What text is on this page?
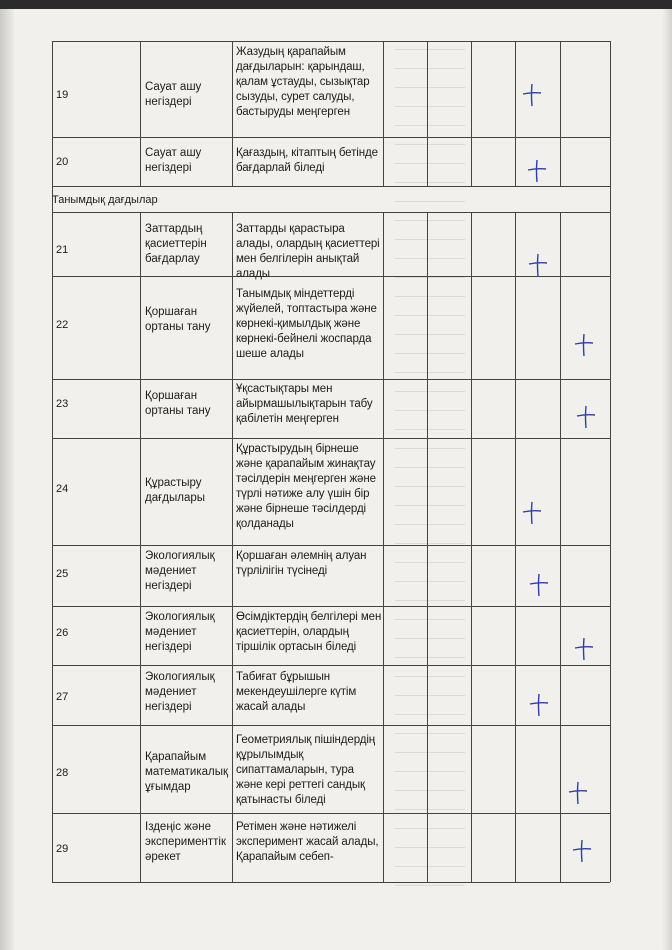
Танымдық дағдылар
19
Сауат ашу негіздері
Жазудың қарапайым дағдыларын: қарындаш, қалам ұстауды, сызықтар сызуды, сурет салуды, бастыруды меңгерген
20
Сауат ашу негіздері
Қағаздың, кітаптың бетінде бағдарлай біледі
21
Заттардың қасиеттерін бағдарлау
Заттарды қарастыра алады, олардың қасиеттері мен белгілерін анықтай алады
22
Қоршаған ортаны тану
Танымдық міндеттерді жүйелей, топтастыра және көрнекі-қимылдық және көрнекі-бейнелі жоспарда шеше алады
23
Қоршаған ортаны тану
Ұқсастықтары мен айырмашылықтарын табу қабілетін меңгерген
24	Құрастыру дағдылары
Құрастырудың бірнеше және қарапайым жинақтау тәсілдерін меңгерген және түрлі нәтиже алу үшін бір және бірнеше тәсілдерді қолданады
25
Экологиялық мәдениет негіздері
Қоршаған әлемнің алуан түрлілігін түсінеді
26
Экологиялық мәдениет негіздері
Өсімдіктердің белгілері мен қасиеттерін, олардың тіршілік ортасын біледі
27
Экологиялық мәдениет негіздері
Табиғат бұрышын мекендеушілерге күтім жасай алады
28
Қарапайым математикалық ұғымдар
Геометриялық пішіндердің құрылымдық сипаттамаларын, тура және кері реттегі сандық қатынасты біледі
29
Іздеңіс және эксперименттік әрекет
Ретімен және нәтижелі эксперимент жасай алады, Қарапайым себеп-
